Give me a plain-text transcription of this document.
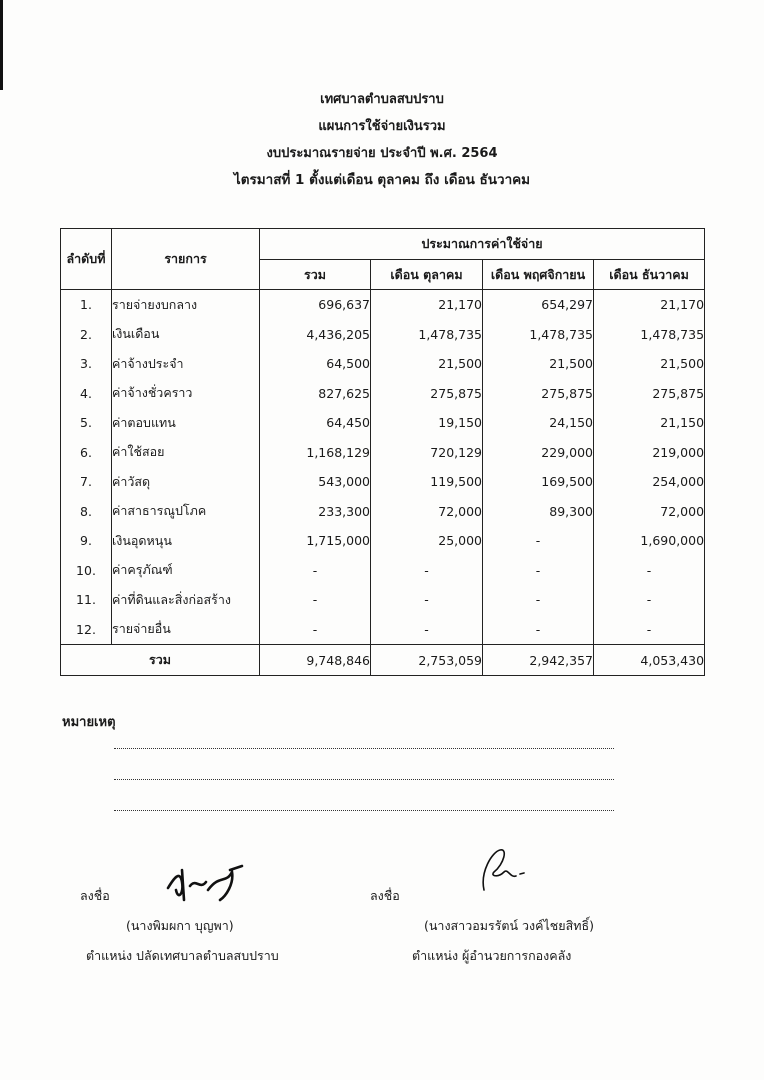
เทศบาลตำบลสบปราบ
แผนการใช้จ่ายเงินรวม
งบประมาณรายจ่าย ประจำปี พ.ศ. 2564
ไตรมาสที่ 1 ตั้งแต่เดือน ตุลาคม ถึง เดือน ธันวาคม
ลำดับที่	รายการ	ประมาณการค่าใช้จ่าย			
		รวม	เดือน ตุลาคม	เดือน พฤศจิกายน	เดือน ธันวาคม
1.	รายจ่ายงบกลาง	696,637	21,170	654,297	21,170
2.	เงินเดือน	4,436,205	1,478,735	1,478,735	1,478,735
3.	ค่าจ้างประจำ	64,500	21,500	21,500	21,500
4.	ค่าจ้างชั่วคราว	827,625	275,875	275,875	275,875
5.	ค่าตอบแทน	64,450	19,150	24,150	21,150
6.	ค่าใช้สอย	1,168,129	720,129	229,000	219,000
7.	ค่าวัสดุ	543,000	119,500	169,500	254,000
8.	ค่าสาธารณูปโภค	233,300	72,000	89,300	72,000
9.	เงินอุดหนุน	1,715,000	25,000	-	1,690,000
10.	ค่าครุภัณฑ์	-	-	-	-
11.	ค่าที่ดินและสิ่งก่อสร้าง	-	-	-	-
12.	รายจ่ายอื่น	-	-	-	-
รวม		9,748,846	2,753,059	2,942,357	4,053,430
หมายเหตุ
ลงชื่อ
(นางพิมผกา บุญพา)
ตำแหน่ง ปลัดเทศบาลตำบลสบปราบ
ลงชื่อ
(นางสาวอมรรัตน์ วงค์ไชยสิทธิ์)
ตำแหน่ง ผู้อำนวยการกองคลัง
